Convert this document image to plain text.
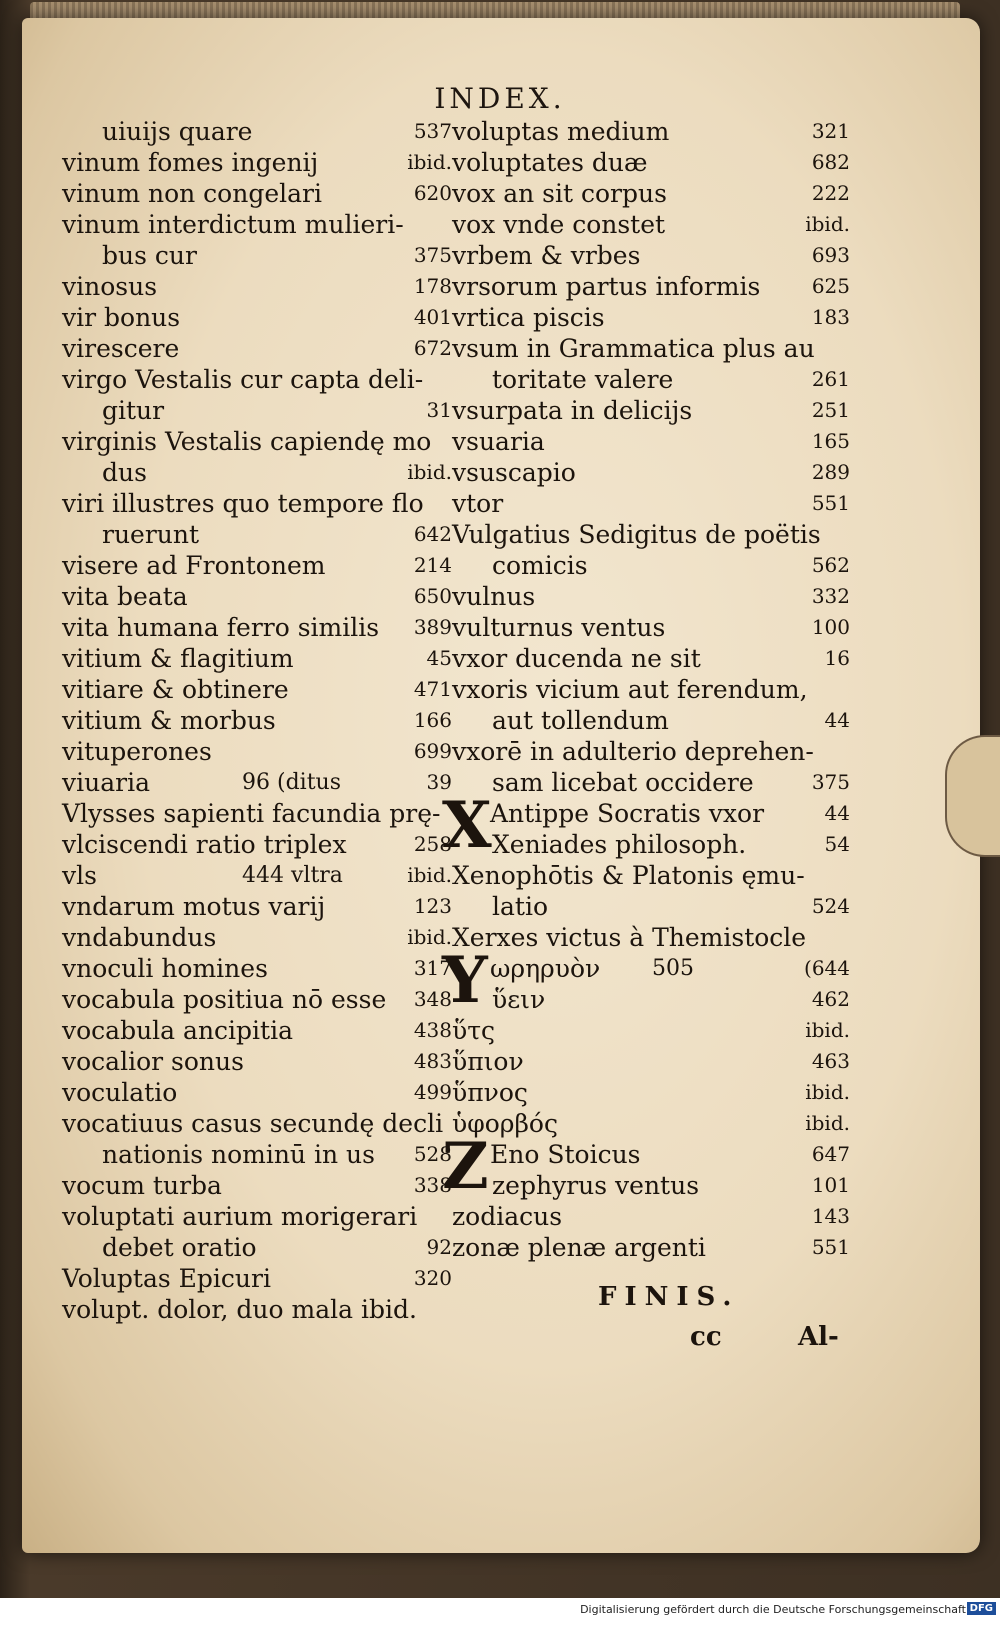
INDEX.
uiuijs quare	537
vinum fomes ingenij	ibid.
vinum non congelari	620
vinum interdictum mulieri-
bus cur	375
vinosus	178
vir bonus	401
virescere	672
virgo Vestalis cur capta deli-
gitur	31
virginis Vestalis capiendę mo
dus	ibid.
viri illustres quo tempore flo
ruerunt	642
visere ad Frontonem	214
vita beata	650
vita humana ferro similis 389
vitium & flagitium	45
vitiare & obtinere	471
vitium & morbus	166
vituperones	699
viuaria	96 (ditus	39
Vlysses sapienti facundia prę-
vlciscendi ratio triplex	258
vls	444 vltra	ibid.
vndarum motus varij	123
vndabundus	ibid.
vnoculi homines	317
vocabula positiua nō esse 348
vocabula ancipitia	438
vocalior sonus	483
voculatio	499
vocatiuus casus secundę decli
nationis nominū in us 528
vocum turba	338
voluptati aurium morigerari
debet oratio	92
Voluptas Epicuri	320
volupt. dolor, duo mala ibid.
voluptas medium	321
voluptates duæ	682
vox an sit corpus	222
vox vnde constet	ibid.
vrbem & vrbes	693
vrsorum partus informis	625
vrtica piscis	183
vsum in Grammatica plus au
toritate valere	261
vsurpata in delicijs	251
vsuaria	165
vsuscapio	289
vtor	551
Vulgatius Sedigitus de poëtis
comicis	562
vulnus	332
vulturnus ventus	100
vxor ducenda ne sit	16
vxoris vicium aut ferendum,
aut tollendum	44
vxorē in adulterio deprehen-
sam licebat occidere	375
X
Antippe Socratis vxor	44
Xeniades philosoph.	54
Xenophōtis & Platonis ęmu-
latio	524
Xerxes victus à Themistocle
Y ωρηρυὸν 505	(644
ὕειν	462
ὕτς	ibid.
ὕπιον	463
ὕπνος	ibid.
ὑφορβός	ibid.
Z Eno Stoicus	647
zephyrus ventus	101
zodiacus	143
zonæ plenæ argenti	551
FINIS.
cc	Al-
Digitalisierung gefördert durch die Deutsche Forschungsgemeinschaft DFG
